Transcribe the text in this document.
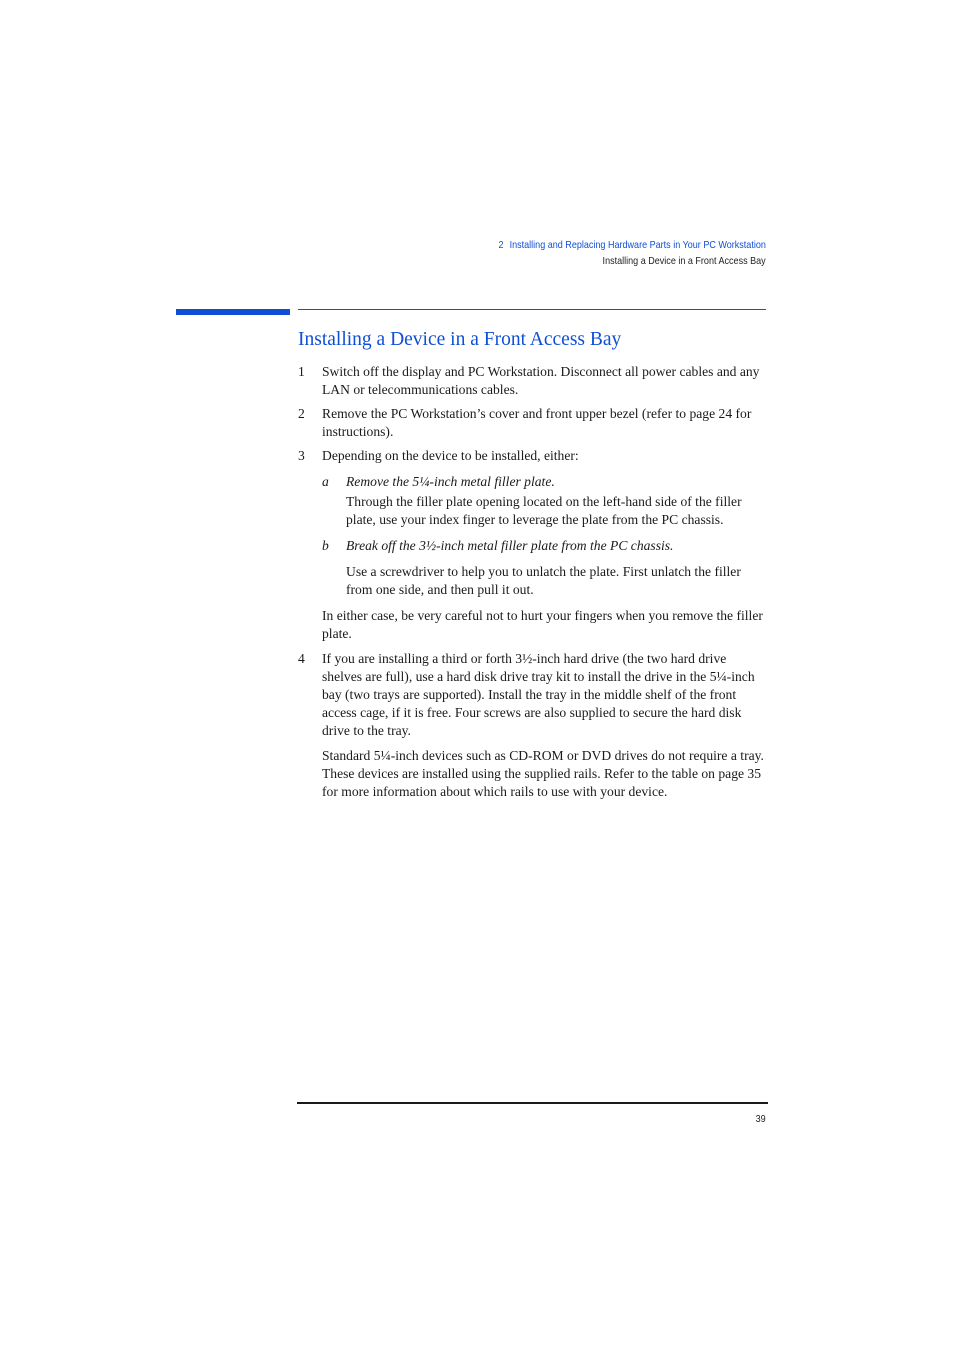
2 Installing and Replacing Hardware Parts in Your PC Workstation
Installing a Device in a Front Access Bay
Installing a Device in a Front Access Bay
1 Switch off the display and PC Workstation. Disconnect all power cables and any LAN or telecommunications cables.
2 Remove the PC Workstation’s cover and front upper bezel (refer to page 24 for instructions).
3 Depending on the device to be installed, either:
a Remove the 5¼-inch metal filler plate.
Through the filler plate opening located on the left-hand side of the filler plate, use your index finger to leverage the plate from the PC chassis.
b Break off the 3½-inch metal filler plate from the PC chassis.
Use a screwdriver to help you to unlatch the plate. First unlatch the filler from one side, and then pull it out.
In either case, be very careful not to hurt your fingers when you remove the filler plate.
4 If you are installing a third or forth 3½-inch hard drive (the two hard drive shelves are full), use a hard disk drive tray kit to install the drive in the 5¼-inch bay (two trays are supported). Install the tray in the middle shelf of the front access cage, if it is free. Four screws are also supplied to secure the hard disk drive to the tray.
Standard 5¼-inch devices such as CD-ROM or DVD drives do not require a tray. These devices are installed using the supplied rails. Refer to the table on page 35 for more information about which rails to use with your device.
39
